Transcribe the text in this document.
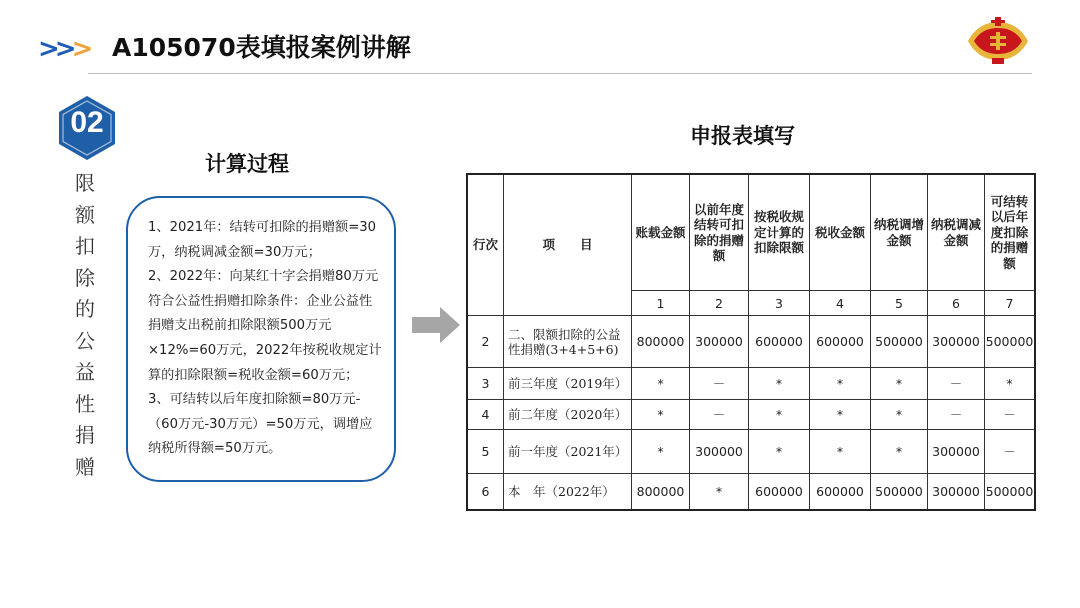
>
>
> A105070表填报案例讲解
02
限
额
扣
除
的
公
益
性
捐
赠
计算过程

1、2021年：结转可扣除的捐赠额=30万，纳税调减金额=30万元；

2、2022年：向某红十字会捐赠80万元符合公益性捐赠扣除条件：企业公益性捐赠支出税前扣除限额500万元×12%=60万元，2022年按税收规定计算的扣除限额=税收金额=60万元；

3、可结转以后年度扣除额=80万元-（60万元-30万元）=50万元，调增应纳税所得额=50万元。

申报表填写
行次	项　　目	账载金额	以前年度结转可扣除的捐赠额	按税收规定计算的扣除限额	税收金额	纳税调增金额	纳税调减金额	可结转以后年度扣除的捐赠额
		1	2	3	4	5	6	7
2	二、限额扣除的公益性捐赠(3+4+5+6)	800000	300000	600000	600000	500000	300000	500000
3	前三年度（2019年）	*	－	*	*	*	－	*
4	前二年度（2020年）	*	－	*	*	*	－	－
5	前一年度（2021年）	*	300000	*	*	*	300000	－
6	本　年（2022年）	800000	*	600000	600000	500000	300000	500000
